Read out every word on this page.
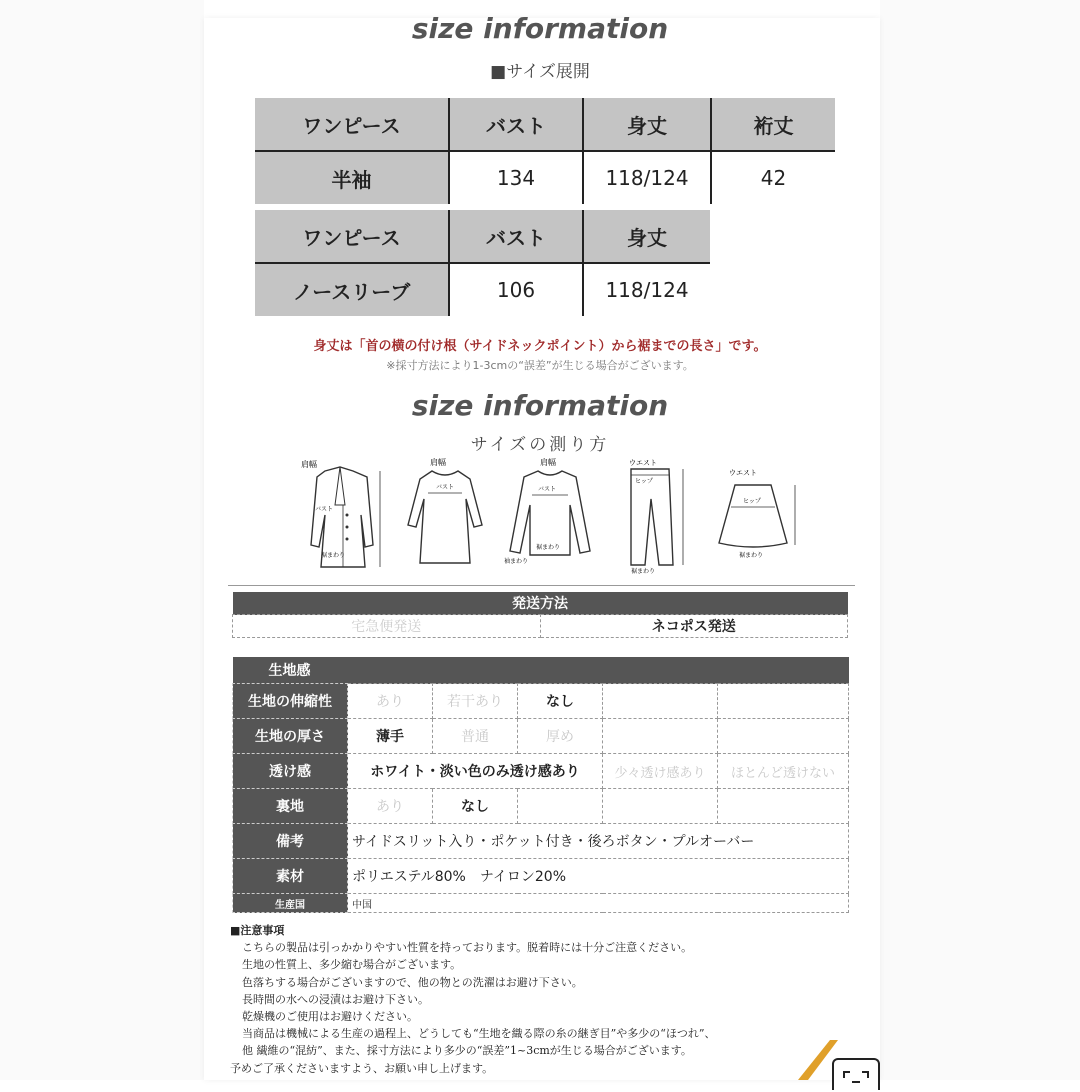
size information
■サイズ展開
ワンピース	バスト	身丈	裄丈
半袖	134	118/124	42
ワンピース	バスト	身丈
ノースリーブ	106	118/124
身丈は「首の横の付け根（サイドネックポイント）から裾までの長さ」です。
※採寸方法により1-3cmの“誤差”が生じる場合がございます。
size information
サイズの測り方
肩幅
バスト
裾まわり
肩幅
バスト
肩幅
バスト
裾まわり
袖まわり
ウエスト
ヒップ
裾まわり
ウエスト
ヒップ
裾まわり
発送方法
宅急便発送	ネコポス発送
生地感					
生地の伸縮性	あり	若干あり	なし		
生地の厚さ	薄手	普通	厚め		
透け感	ホワイト・淡い色のみ透け感あり			少々透け感あり	ほとんど透けない
裏地	あり	なし			
備考	サイドスリット入り・ポケット付き・後ろボタン・プルオーバー				
素材	ポリエステル80%　ナイロン20%				
生産国	中国				
■注意事項
こちらの製品は引っかかりやすい性質を持っております。脱着時には十分ご注意ください。
生地の性質上、多少縮む場合がございます。
色落ちする場合がございますので、他の物との洗濯はお避け下さい。
長時間の水への浸漬はお避け下さい。
乾燥機のご使用はお避けください。
当商品は機械による生産の過程上、どうしても“生地を織る際の糸の継ぎ目”や多少の“ほつれ”、
他 繊維の“混紡”、また、採寸方法により多少の“誤差”1~3cmが生じる場合がございます。
予めご了承くださいますよう、お願い申し上げます。
